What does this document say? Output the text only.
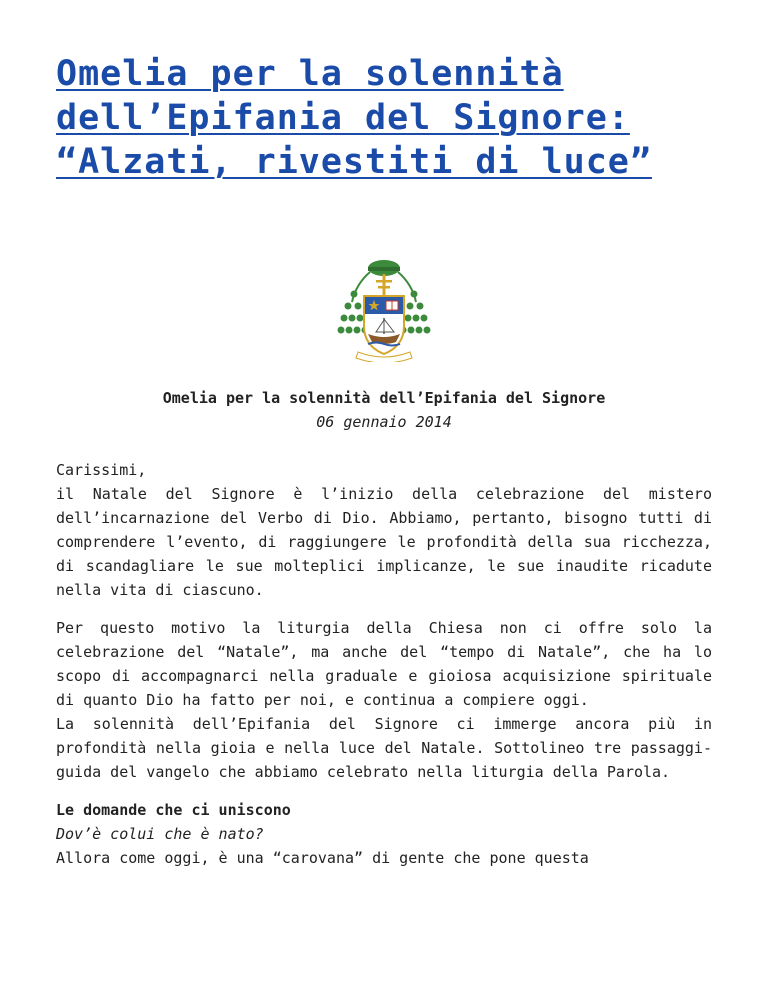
Omelia per la solennità
dell’Epifania del Signore:
“Alzati, rivestiti di luce”
Omelia per la solennità dell’Epifania del Signore
06 gennaio 2014

Carissimi,
il Natale del Signore è l’inizio della celebrazione del mistero dell’incarnazione del Verbo di Dio. Abbiamo, pertanto, bisogno tutti di comprendere l’evento, di raggiungere le profondità della sua ricchezza, di scandagliare le sue molteplici implicanze, le sue inaudite ricadute nella vita di ciascuno.

Per questo motivo la liturgia della Chiesa non ci offre solo la celebrazione del “Natale”, ma anche del “tempo di Natale”, che ha lo scopo di accompagnarci nella graduale e gioiosa acquisizione spirituale di quanto Dio ha fatto per noi, e continua a compiere oggi.
La solennità dell’Epifania del Signore ci immerge ancora più in profondità nella gioia e nella luce del Natale. Sottolineo tre passaggi-guida del vangelo che abbiamo celebrato nella liturgia della Parola.

Le domande che ci uniscono
Dov’è colui che è nato?
Allora come oggi, è una “carovana” di gente che pone questa
